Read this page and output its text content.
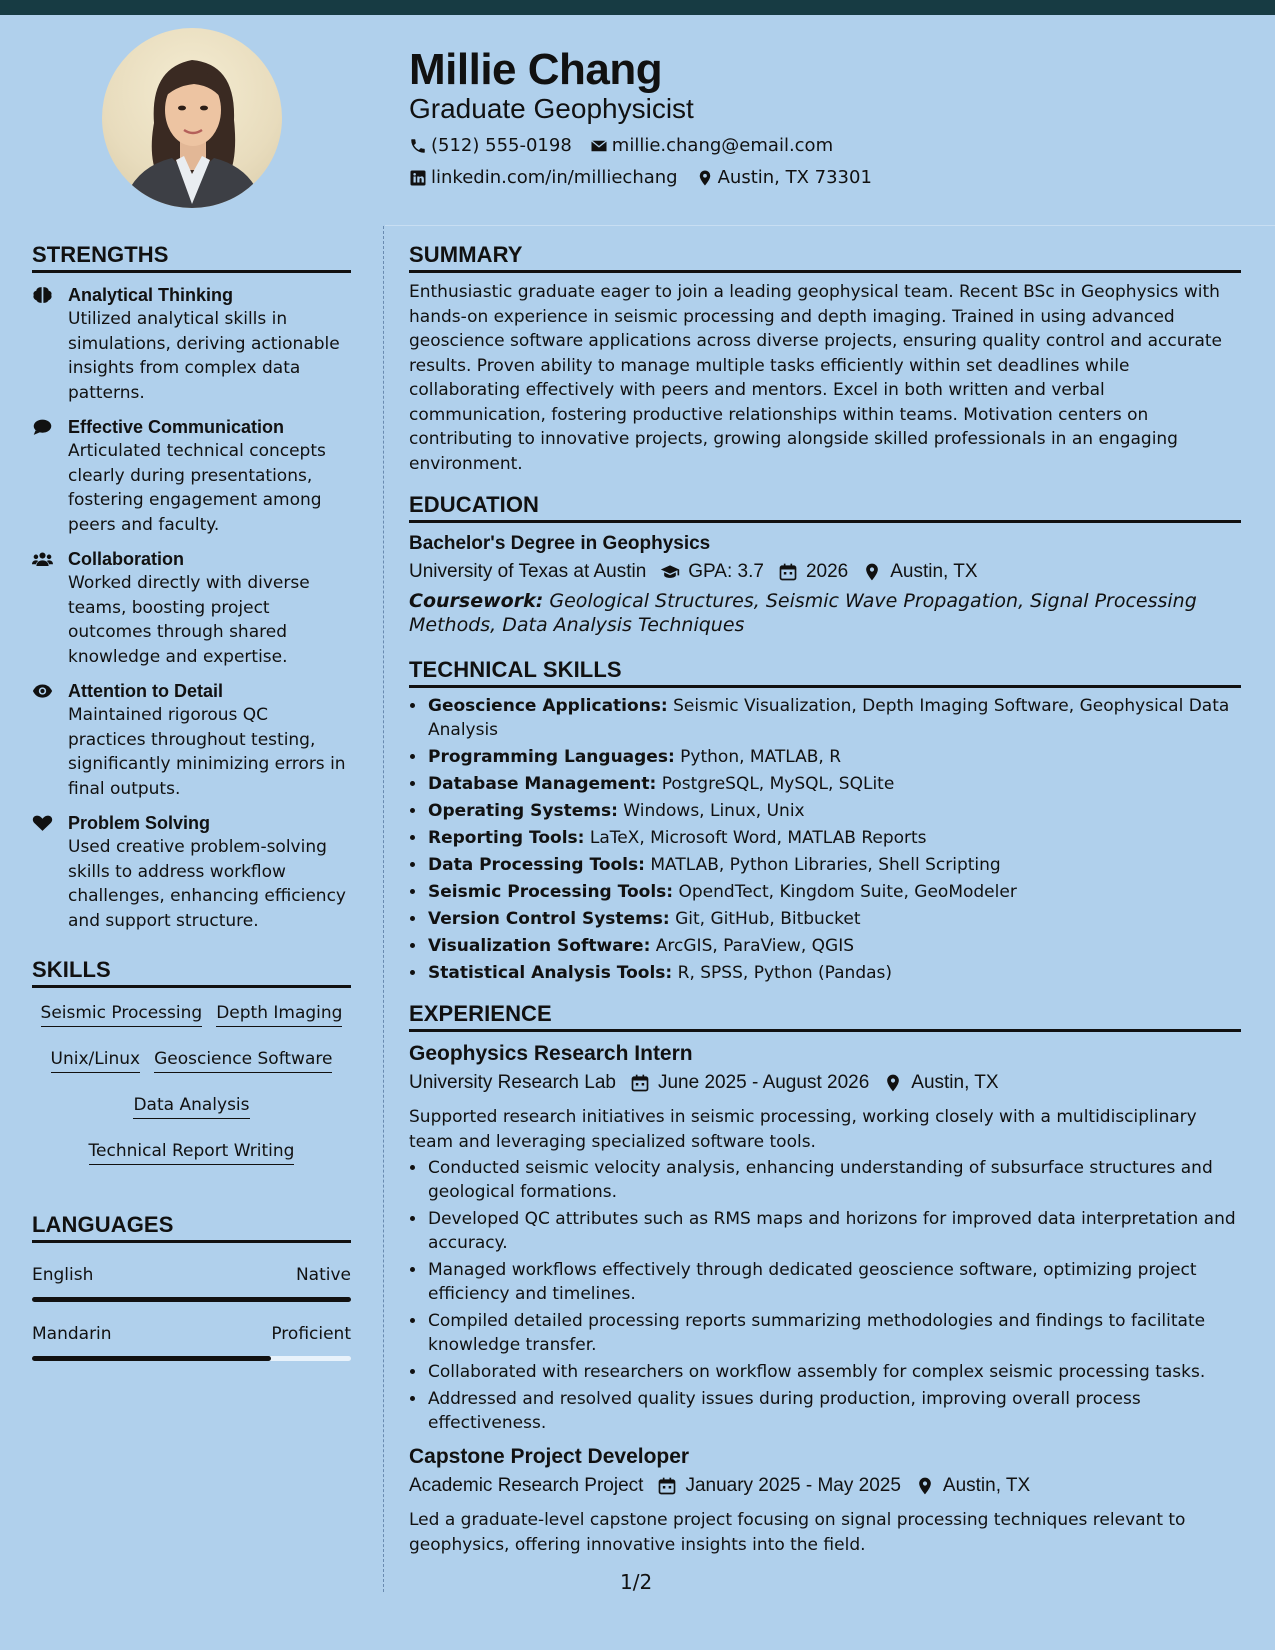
Millie Chang
Graduate Geophysicist
(512) 555-0198 millie.chang@email.com
linkedin.com/in/milliechang Austin, TX 73301
STRENGTHS
Analytical Thinking
Utilized analytical skills in simulations, deriving actionable insights from complex data patterns.
Effective Communication
Articulated technical concepts clearly during presentations, fostering engagement among peers and faculty.
Collaboration
Worked directly with diverse teams, boosting project outcomes through shared knowledge and expertise.
Attention to Detail
Maintained rigorous QC practices throughout testing, significantly minimizing errors in final outputs.
Problem Solving
Used creative problem-solving skills to address workflow challenges, enhancing efficiency and support structure.
SKILLS
Seismic Processing Depth Imaging
Unix/Linux Geoscience Software
Data Analysis
Technical Report Writing
LANGUAGES
English	Native
Mandarin	Proficient
SUMMARY
Enthusiastic graduate eager to join a leading geophysical team. Recent BSc in Geophysics with hands-on experience in seismic processing and depth imaging. Trained in using advanced geoscience software applications across diverse projects, ensuring quality control and accurate results. Proven ability to manage multiple tasks efficiently within set deadlines while collaborating effectively with peers and mentors. Excel in both written and verbal communication, fostering productive relationships within teams. Motivation centers on contributing to innovative projects, growing alongside skilled professionals in an engaging environment.
EDUCATION
Bachelor's Degree in Geophysics
University of Texas at Austin GPA: 3.7 2026 Austin, TX
Coursework: Geological Structures, Seismic Wave Propagation, Signal Processing Methods, Data Analysis Techniques
TECHNICAL SKILLS
• Geoscience Applications: Seismic Visualization, Depth Imaging Software, Geophysical Data Analysis
• Programming Languages: Python, MATLAB, R
• Database Management: PostgreSQL, MySQL, SQLite
• Operating Systems: Windows, Linux, Unix
• Reporting Tools: LaTeX, Microsoft Word, MATLAB Reports
• Data Processing Tools: MATLAB, Python Libraries, Shell Scripting
• Seismic Processing Tools: OpendTect, Kingdom Suite, GeoModeler
• Version Control Systems: Git, GitHub, Bitbucket
• Visualization Software: ArcGIS, ParaView, QGIS
• Statistical Analysis Tools: R, SPSS, Python (Pandas)
EXPERIENCE
Geophysics Research Intern
University Research Lab June 2025 - August 2026 Austin, TX
Supported research initiatives in seismic processing, working closely with a multidisciplinary team and leveraging specialized software tools.
• Conducted seismic velocity analysis, enhancing understanding of subsurface structures and geological formations.
• Developed QC attributes such as RMS maps and horizons for improved data interpretation and accuracy.
• Managed workflows effectively through dedicated geoscience software, optimizing project efficiency and timelines.
• Compiled detailed processing reports summarizing methodologies and findings to facilitate knowledge transfer.
• Collaborated with researchers on workflow assembly for complex seismic processing tasks.
• Addressed and resolved quality issues during production, improving overall process effectiveness.
Capstone Project Developer
Academic Research Project January 2025 - May 2025 Austin, TX
Led a graduate-level capstone project focusing on signal processing techniques relevant to geophysics, offering innovative insights into the field.
1/2
